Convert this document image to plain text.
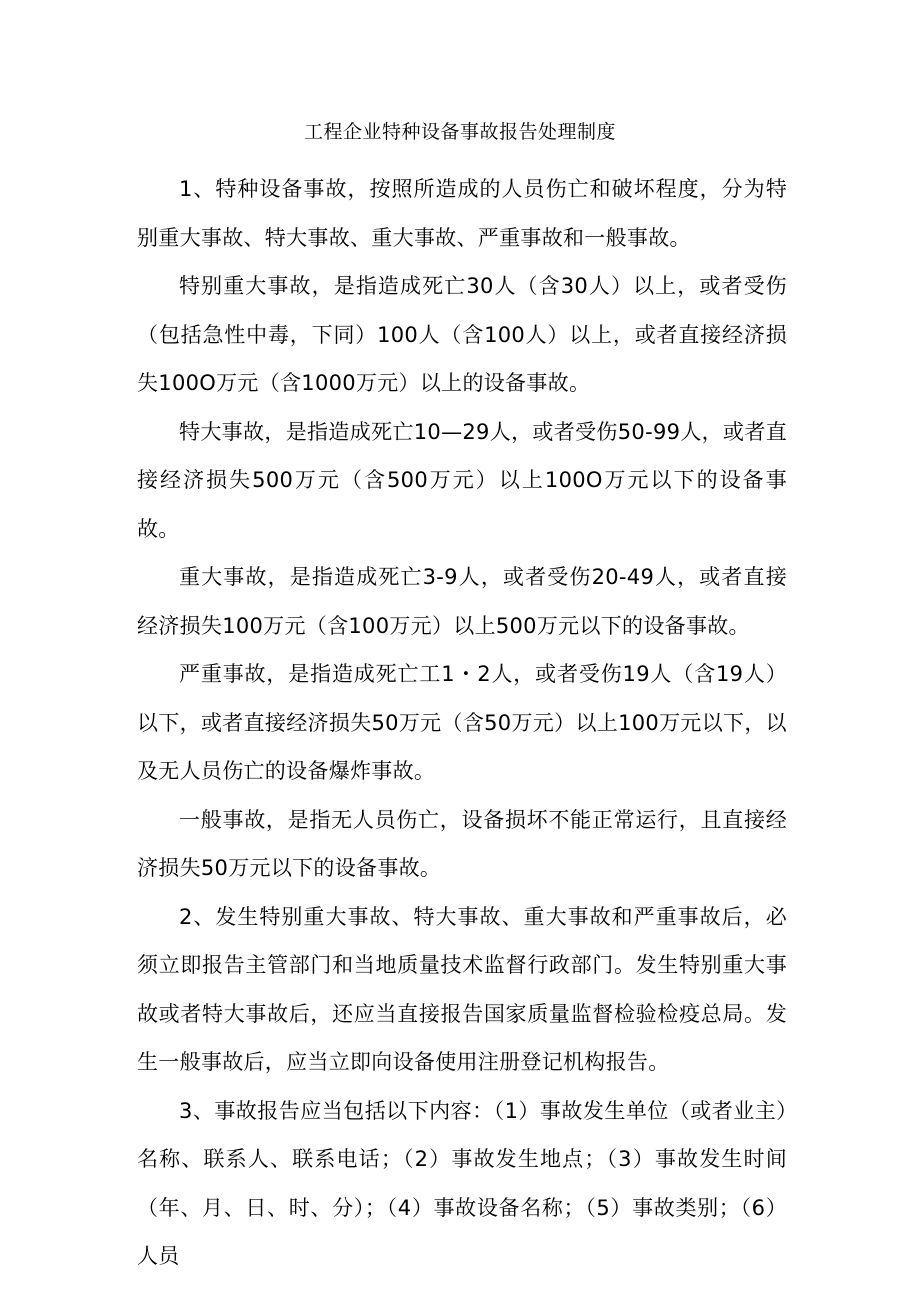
工程企业特种设备事故报告处理制度

1、特种设备事故，按照所造成的人员伤亡和破坏程度，分为特别重大事故、特大事故、重大事故、严重事故和一般事故。

特别重大事故，是指造成死亡30人（含30人）以上，或者受伤（包括急性中毒，下同）100人（含100人）以上，或者直接经济损失100O万元（含1000万元）以上的设备事故。

特大事故，是指造成死亡10—29人，或者受伤50-99人，或者直接经济损失500万元（含500万元）以上100O万元以下的设备事故。

重大事故，是指造成死亡3-9人，或者受伤20-49人，或者直接经济损失100万元（含100万元）以上500万元以下的设备事故。

严重事故，是指造成死亡工1・2人，或者受伤19人（含19人）以下，或者直接经济损失50万元（含50万元）以上100万元以下，以及无人员伤亡的设备爆炸事故。

一般事故，是指无人员伤亡，设备损坏不能正常运行，且直接经济损失50万元以下的设备事故。

2、发生特别重大事故、特大事故、重大事故和严重事故后，必须立即报告主管部门和当地质量技术监督行政部门。发生特别重大事故或者特大事故后，还应当直接报告国家质量监督检验检疫总局。发生一般事故后，应当立即向设备使用注册登记机构报告。

3、事故报告应当包括以下内容：（1）事故发生单位（或者业主）名称、联系人、联系电话；（2）事故发生地点；（3）事故发生时间（年、月、日、时、分）；（4）事故设备名称；（5）事故类别；（6）人员
